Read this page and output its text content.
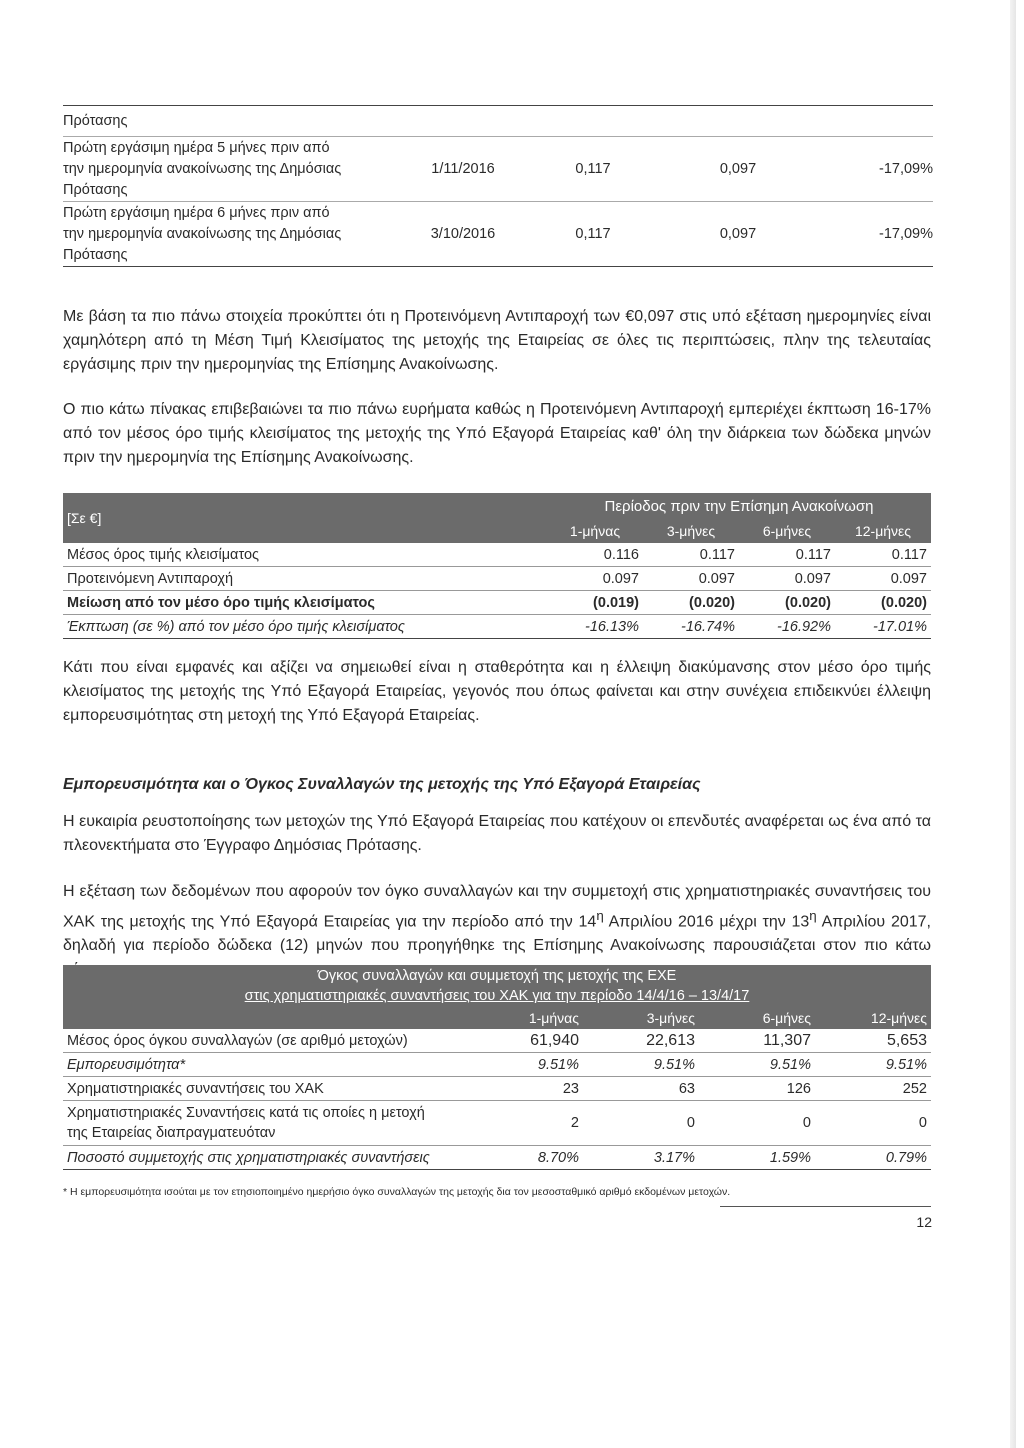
Πρότασης				

Πρώτη εργάσιμη ημέρα 5 μήνες πριν από
την ημερομηνία ανακοίνωσης της Δημόσιας
Πρότασης	1/11/2016	0,117	0,097	-17,09%

Πρώτη εργάσιμη ημέρα 6 μήνες πριν από
την ημερομηνία ανακοίνωσης της Δημόσιας
Πρότασης	3/10/2016	0,117	0,097	-17,09%

Με βάση τα πιο πάνω στοιχεία προκύπτει ότι η Προτεινόμενη Αντιπαροχή των €0,097 στις υπό εξέταση ημερομηνίες είναι χαμηλότερη από τη Μέση Τιμή Κλεισίματος της μετοχής της Εταιρείας σε όλες τις περιπτώσεις, πλην της τελευταίας εργάσιμης πριν την ημερομηνίας της Επίσημης Ανακοίνωσης.

Ο πιο κάτω πίνακας επιβεβαιώνει τα πιο πάνω ευρήματα καθώς η Προτεινόμενη Αντιπαροχή εμπεριέχει έκπτωση 16-17% από τον μέσος όρο τιμής κλεισίματος της μετοχής της Υπό Εξαγορά Εταιρείας καθ' όλη την διάρκεια των δώδεκα μηνών πριν την ημερομηνία της Επίσημης Ανακοίνωσης.

[Σε €]	Περίοδος πριν την Επίσημη Ανακοίνωση			
	1-μήνας	3-μήνες	6-μήνες	12-μήνες
Μέσος όρος τιμής κλεισίματος	0.116	0.117	0.117	0.117
Προτεινόμενη Αντιπαροχή	0.097	0.097	0.097	0.097
Μείωση από τον μέσο όρο τιμής κλεισίματος	(0.019)	(0.020)	(0.020)	(0.020)
Έκπτωση (σε %) από τον μέσο όρο τιμής κλεισίματος	-16.13%	-16.74%	-16.92%	-17.01%

Κάτι που είναι εμφανές και αξίζει να σημειωθεί είναι η σταθερότητα και η έλλειψη διακύμανσης στον μέσο όρο τιμής κλεισίματος της μετοχής της Υπό Εξαγορά Εταιρείας, γεγονός που όπως φαίνεται και στην συνέχεια επιδεικνύει έλλειψη εμπορευσιμότητας στη μετοχή της Υπό Εξαγορά Εταιρείας.

Εμπορευσιμότητα και ο Όγκος Συναλλαγών της μετοχής της Υπό Εξαγορά Εταιρείας

Η ευκαιρία ρευστοποίησης των μετοχών της Υπό Εξαγορά Εταιρείας που κατέχουν οι επενδυτές αναφέρεται ως ένα από τα πλεονεκτήματα στο Έγγραφο Δημόσιας Πρότασης.

Η εξέταση των δεδομένων που αφορούν τον όγκο συναλλαγών και την συμμετοχή στις χρηματιστηριακές συναντήσεις του ΧΑΚ της μετοχής της Υπό Εξαγορά Εταιρείας για την περίοδο από την $14^\eta$ Απριλίου 2016 μέχρι την $13^\eta$ Απριλίου 2017, δηλαδή για περίοδο δώδεκα (12) μηνών που προηγήθηκε της Επίσημης Ανακοίνωσης παρουσιάζεται στον πιο κάτω

Όγκος συναλλαγών και συμμετοχή της μετοχής της ΕΧΕ
στις χρηματιστηριακές συναντήσεις του ΧΑΚ για την περίοδο 14/4/16 – 13/4/17				

	1-μήνας	3-μήνες	6-μήνες	12-μήνες
Μέσος όρος όγκου συναλλαγών (σε αριθμό μετοχών)	61,940	22,613	11,307	5,653
Εμπορευσιμότητα*	9.51%	9.51%	9.51%	9.51%
Χρηματιστηριακές συναντήσεις του ΧΑΚ	23	63	126	252

Χρηματιστηριακές Συναντήσεις κατά τις οποίες η μετοχή
της Εταιρείας διαπραγματευόταν	2	0	0	0
Ποσοστό συμμετοχής στις χρηματιστηριακές συναντήσεις	8.70%	3.17%	1.59%	0.79%
* Η εμπορευσιμότητα ισούται με τον ετησιοποιημένο ημερήσιο όγκο συναλλαγών της μετοχής δια τον μεσοσταθμικό αριθμό εκδομένων μετοχών.
12
